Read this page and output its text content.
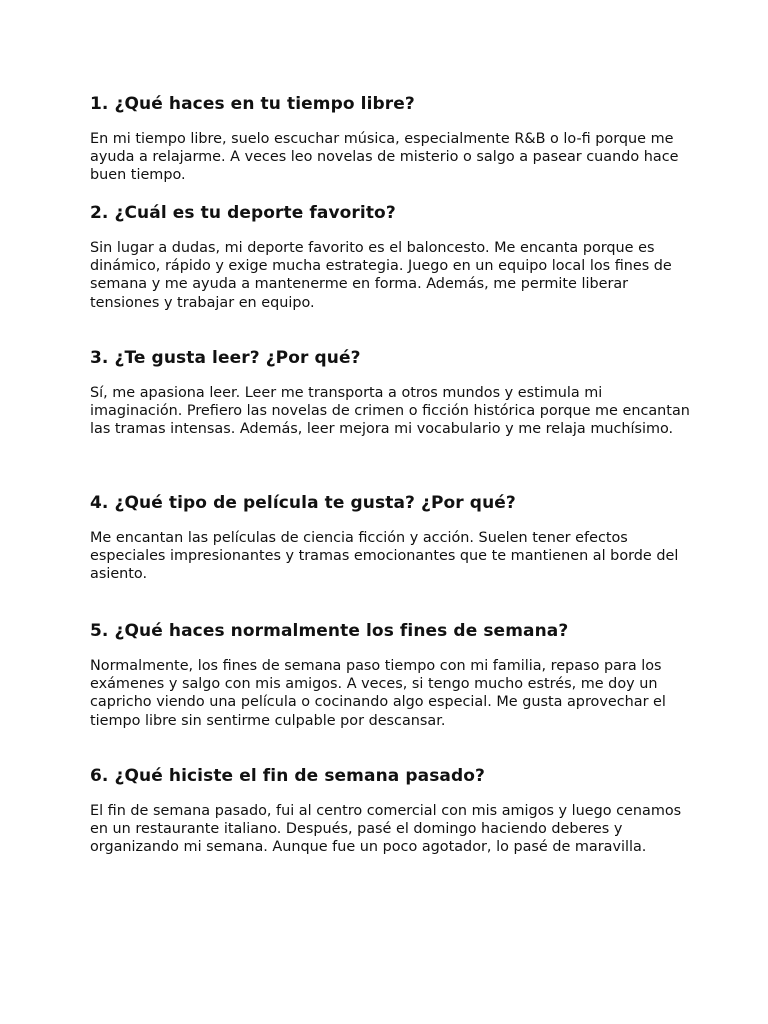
1. ¿Qué haces en tu tiempo libre?

En mi tiempo libre, suelo escuchar música, especialmente R&B o lo-fi porque me ayuda a relajarme. A veces leo novelas de misterio o salgo a pasear cuando hace buen tiempo.

2. ¿Cuál es tu deporte favorito?

Sin lugar a dudas, mi deporte favorito es el baloncesto. Me encanta porque es dinámico, rápido y exige mucha estrategia. Juego en un equipo local los fines de semana y me ayuda a mantenerme en forma. Además, me permite liberar tensiones y trabajar en equipo.

3. ¿Te gusta leer? ¿Por qué?

Sí, me apasiona leer. Leer me transporta a otros mundos y estimula mi imaginación. Prefiero las novelas de crimen o ficción histórica porque me encantan las tramas intensas. Además, leer mejora mi vocabulario y me relaja muchísimo.

4. ¿Qué tipo de película te gusta? ¿Por qué?

Me encantan las películas de ciencia ficción y acción. Suelen tener efectos especiales impresionantes y tramas emocionantes que te mantienen al borde del asiento.

5. ¿Qué haces normalmente los fines de semana?

Normalmente, los fines de semana paso tiempo con mi familia, repaso para los exámenes y salgo con mis amigos. A veces, si tengo mucho estrés, me doy un capricho viendo una película o cocinando algo especial. Me gusta aprovechar el tiempo libre sin sentirme culpable por descansar.

6. ¿Qué hiciste el fin de semana pasado?

El fin de semana pasado, fui al centro comercial con mis amigos y luego cenamos en un restaurante italiano. Después, pasé el domingo haciendo deberes y organizando mi semana. Aunque fue un poco agotador, lo pasé de maravilla.
